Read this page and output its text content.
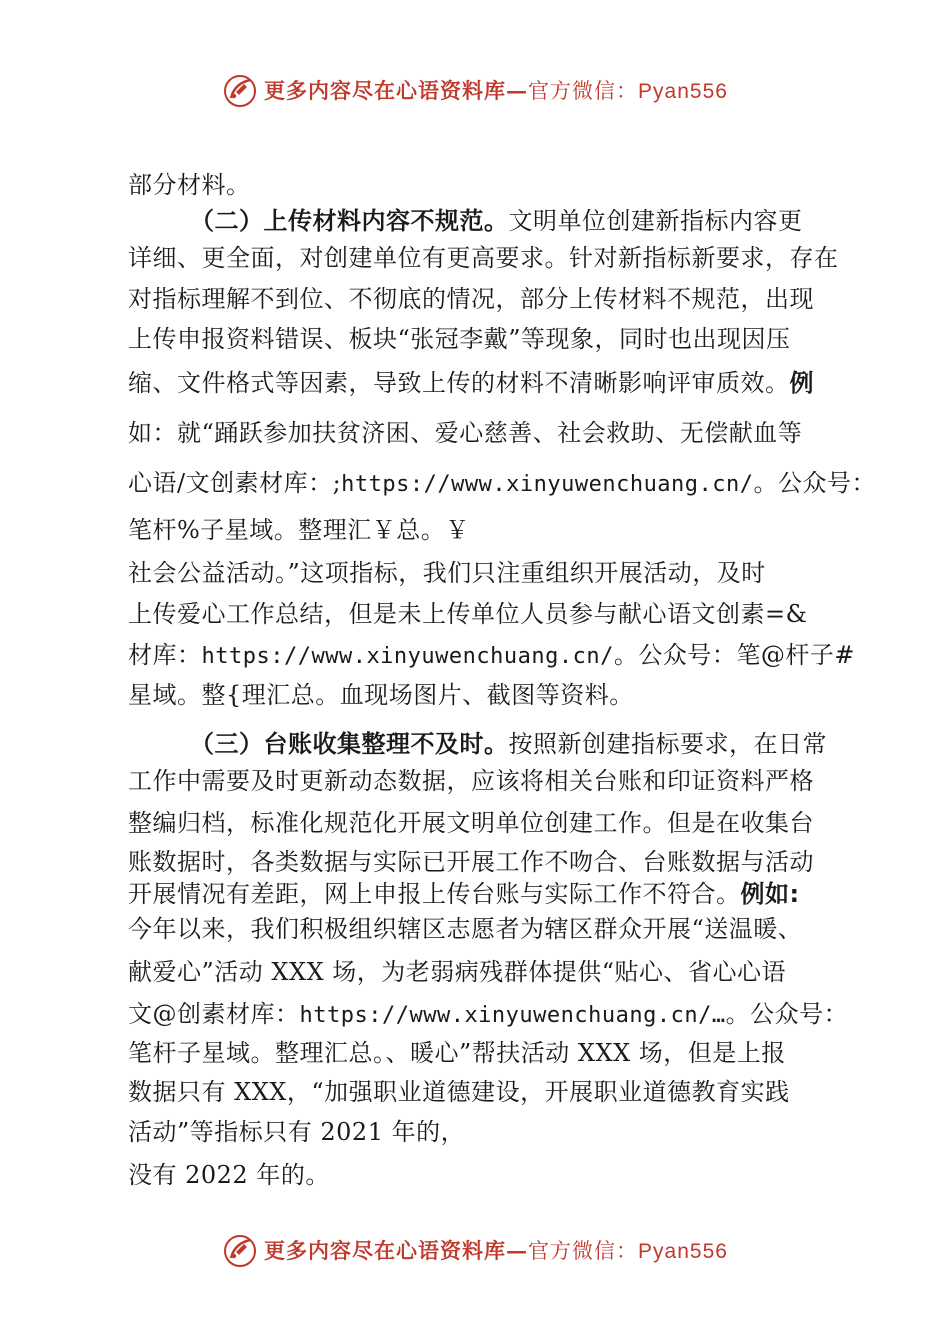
更多内容尽在心语资料库—官方微信：Pyan556
部分材料。
（二）上传材料内容不规范。文明单位创建新指标内容更
详细、更全面，对创建单位有更高要求。针对新指标新要求，存在
对指标理解不到位、不彻底的情况，部分上传材料不规范，出现
上传申报资料错误、板块“张冠李戴”等现象，同时也出现因压
缩、文件格式等因素，导致上传的材料不清晰影响评审质效。例
如：就“踊跃参加扶贫济困、爱心慈善、社会救助、无偿献血等
心语/文创素材库：;https://www.xinyuwenchuang.cn/。公众号：
笔杆%子星域。整理汇￥总。￥
社会公益活动。”这项指标，我们只注重组织开展活动，及时
上传爱心工作总结，但是未上传单位人员参与献心语文创素=&
材库：https://www.xinyuwenchuang.cn/。公众号：笔@杆子#
星域。整{理汇总。血现场图片、截图等资料。
（三）台账收集整理不及时。按照新创建指标要求，在日常
工作中需要及时更新动态数据，应该将相关台账和印证资料严格
整编归档，标准化规范化开展文明单位创建工作。但是在收集台
账数据时，各类数据与实际已开展工作不吻合、台账数据与活动
开展情况有差距，网上申报上传台账与实际工作不符合。例如:
今年以来，我们积极组织辖区志愿者为辖区群众开展“送温暖、
献爱心”活动 XXX 场，为老弱病残群体提供“贴心、省心心语
文@创素材库：https://www.xinyuwenchuang.cn/…。公众号：
笔杆子星域。整理汇总。、暖心”帮扶活动 XXX 场，但是上报
数据只有 XXX，“加强职业道德建设，开展职业道德教育实践
活动”等指标只有 2021 年的，
没有 2022 年的。
更多内容尽在心语资料库—官方微信：Pyan556
